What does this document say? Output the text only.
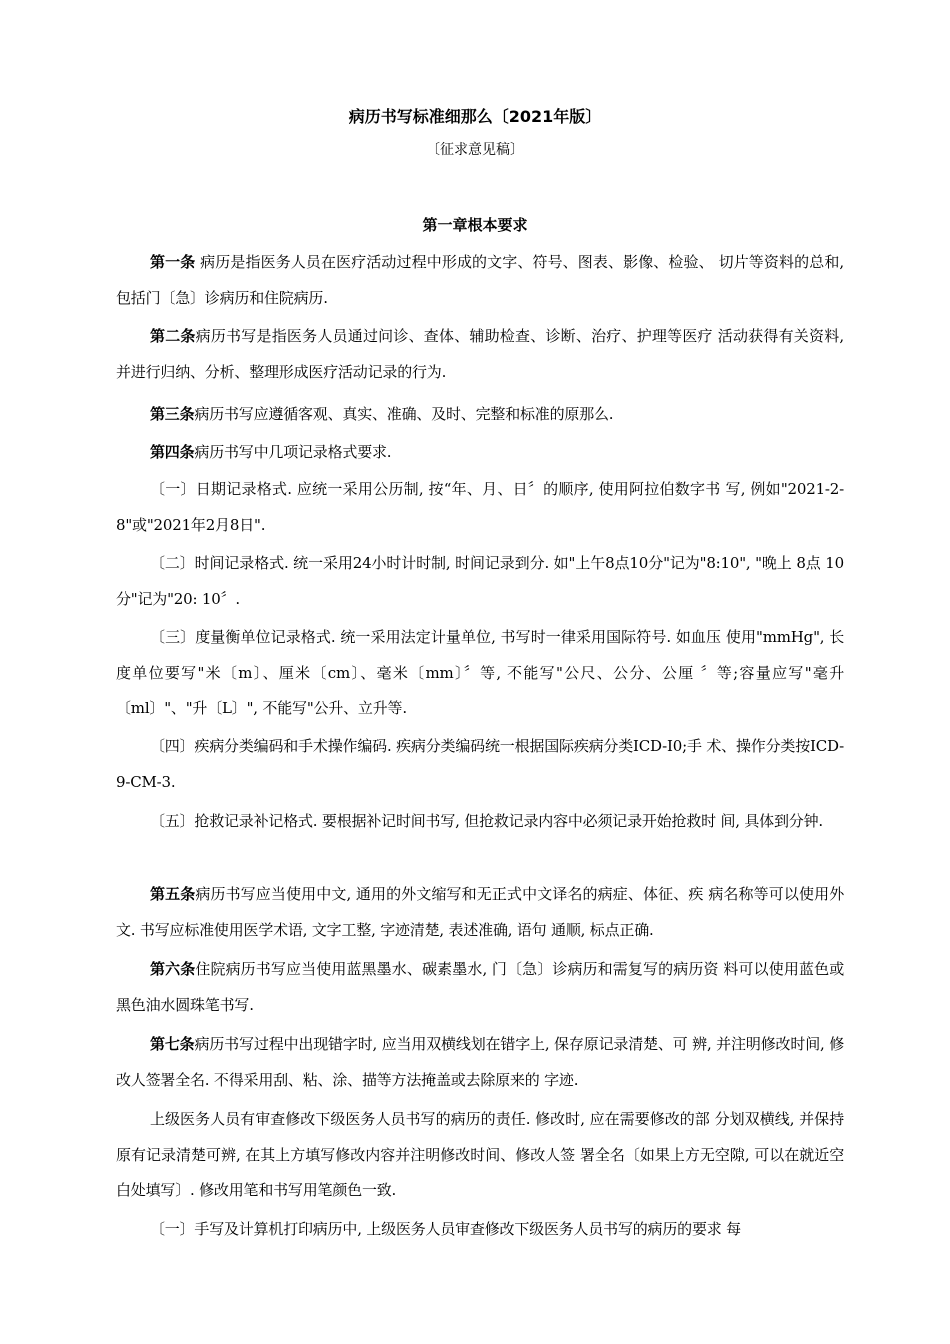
病历书写标准细那么〔2021年版〕
〔征求意见稿〕
第一章根本要求
第一条 病历是指医务人员在医疗活动过程中形成的文字、符号、图表、影像、检验、 切片等资料的总和, 包括门〔急〕诊病历和住院病历.
第二条病历书写是指医务人员通过问诊、查体、辅助检查、诊断、治疗、护理等医疗 活动获得有关资料, 并进行归纳、分析、整理形成医疗活动记录的行为.
第三条病历书写应遵循客观、真实、准确、及时、完整和标准的原那么.
第四条病历书写中几项记录格式要求.
〔一〕日期记录格式. 应统一采用公历制, 按“年、月、日〞的顺序, 使用阿拉伯数字书 写, 例如"2021-2-8"或"2021年2月8日".
〔二〕时间记录格式. 统一采用24小时计时制, 时间记录到分. 如"上午8点10分"记为"8:10", "晚上 8点 10分"记为"20: 10〞.
〔三〕度量衡单位记录格式. 统一采用法定计量单位, 书写时一律采用国际符号. 如血压 使用"mmHg", 长度单位要写"米〔m〕、厘米〔cm〕、毫米〔mm〕〞等, 不能写"公尺、公分、公厘 〞等;容量应写"毫升〔ml〕"、"升〔L〕", 不能写"公升、立升等.
〔四〕疾病分类编码和手术操作编码. 疾病分类编码统一根据国际疾病分类ICD-I0;手 术、操作分类按ICD-9-CM-3.
〔五〕抢救记录补记格式. 要根据补记时间书写, 但抢救记录内容中必须记录开始抢救时 间, 具体到分钟.
第五条病历书写应当使用中文, 通用的外文缩写和无正式中文译名的病症、体征、疾 病名称等可以使用外文. 书写应标准使用医学术语, 文字工整, 字迹清楚, 表述准确, 语句 通顺, 标点正确.
第六条住院病历书写应当使用蓝黑墨水、碳素墨水, 门〔急〕诊病历和需复写的病历资 料可以使用蓝色或黑色油水圆珠笔书写.
第七条病历书写过程中出现错字时, 应当用双横线划在错字上, 保存原记录清楚、可 辨, 并注明修改时间, 修改人签署全名. 不得采用刮、粘、涂、描等方法掩盖或去除原来的 字迹.
上级医务人员有审查修改下级医务人员书写的病历的责任. 修改时, 应在需要修改的部 分划双横线, 并保持原有记录清楚可辨, 在其上方填写修改内容并注明修改时间、修改人签 署全名〔如果上方无空隙, 可以在就近空白处填写〕. 修改用笔和书写用笔颜色一致.
〔一〕手写及计算机打印病历中, 上级医务人员审查修改下级医务人员书写的病历的要求 每
